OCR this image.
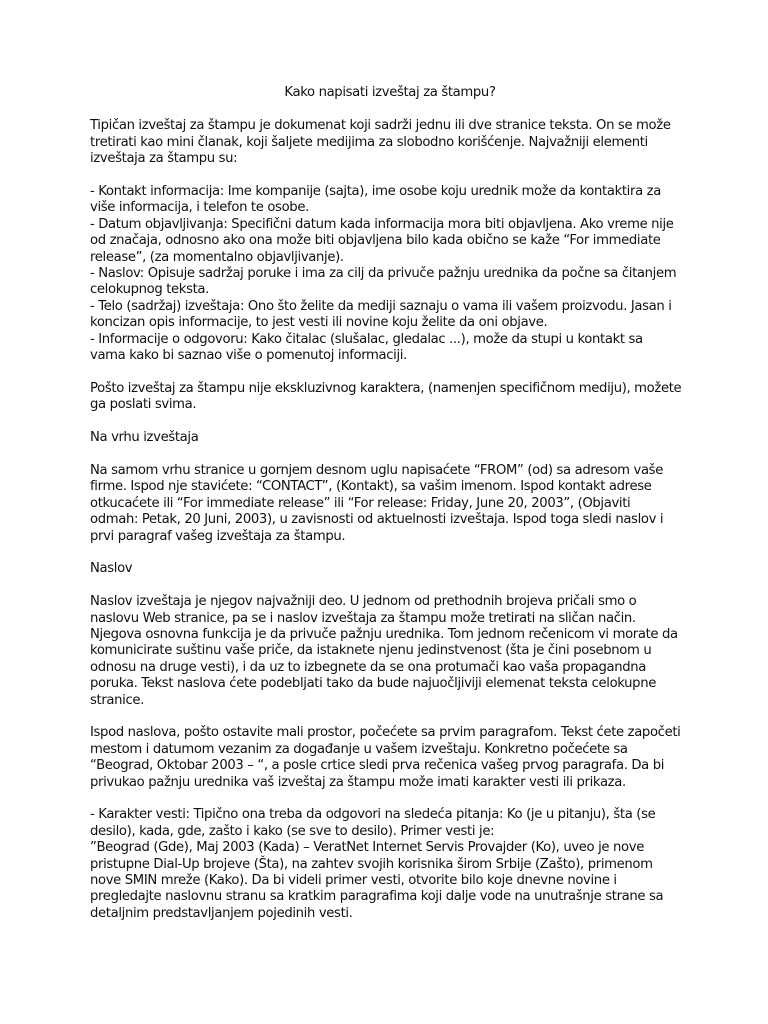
Kako napisati izveštaj za štampu?

Tipičan izveštaj za štampu je dokumenat koji sadrži jednu ili dve stranice teksta. On se može tretirati kao mini članak, koji šaljete medijima za slobodno korišćenje. Najvažniji elementi izveštaja za štampu su:

- Kontakt informacija: Ime kompanije (sajta), ime osobe koju urednik može da kontaktira za više informacija, i telefon te osobe.

- Datum objavljivanja: Specifični datum kada informacija mora biti objavljena. Ako vreme nije od značaja, odnosno ako ona može biti objavljena bilo kada obično se kaže “For immediate release”, (za momentalno objavljivanje).

- Naslov: Opisuje sadržaj poruke i ima za cilj da privuče pažnju urednika da počne sa čitanjem celokupnog teksta.

- Telo (sadržaj) izveštaja: Ono što želite da mediji saznaju o vama ili vašem proizvodu. Jasan i koncizan opis informacije, to jest vesti ili novine koju želite da oni objave.

- Informacije o odgovoru: Kako čitalac (slušalac, gledalac ...), može da stupi u kontakt sa vama kako bi saznao više o pomenutoj informaciji.

Pošto izveštaj za štampu nije ekskluzivnog karaktera, (namenjen specifičnom mediju), možete ga poslati svima.

Na vrhu izveštaja

Na samom vrhu stranice u gornjem desnom uglu napisaćete “FROM” (od) sa adresom vaše firme. Ispod nje stavićete: “CONTACT”, (Kontakt), sa vašim imenom. Ispod kontakt adrese otkucaćete ili “For immediate release” ili “For release: Friday, June 20, 2003”, (Objaviti odmah: Petak, 20 Juni, 2003), u zavisnosti od aktuelnosti izveštaja. Ispod toga sledi naslov i prvi paragraf vašeg izveštaja za štampu.

Naslov

Naslov izveštaja je njegov najvažniji deo. U jednom od prethodnih brojeva pričali smo o naslovu Web stranice, pa se i naslov izveštaja za štampu može tretirati na sličan način. Njegova osnovna funkcija je da privuče pažnju urednika. Tom jednom rečenicom vi morate da komunicirate suštinu vaše priče, da istaknete njenu jedinstvenost (šta je čini posebnom u odnosu na druge vesti), i da uz to izbegnete da se ona protumači kao vaša propagandna poruka. Tekst naslova ćete podebljati tako da bude najuočljiviji elemenat teksta celokupne stranice.

Ispod naslova, pošto ostavite mali prostor, počećete sa prvim paragrafom. Tekst ćete započeti mestom i datumom vezanim za događanje u vašem izveštaju. Konkretno počećete sa “Beograd, Oktobar 2003 – “, a posle crtice sledi prva rečenica vašeg prvog paragrafa. Da bi privukao pažnju urednika vaš izveštaj za štampu može imati karakter vesti ili prikaza.

- Karakter vesti: Tipično ona treba da odgovori na sledeća pitanja: Ko (je u pitanju), šta (se desilo), kada, gde, zašto i kako (se sve to desilo). Primer vesti je:

”Beograd (Gde), Maj 2003 (Kada) – VeratNet Internet Servis Provajder (Ko), uveo je nove pristupne Dial-Up brojeve (Šta), na zahtev svojih korisnika širom Srbije (Zašto), primenom nove SMIN mreže (Kako). Da bi videli primer vesti, otvorite bilo koje dnevne novine i pregledajte naslovnu stranu sa kratkim paragrafima koji dalje vode na unutrašnje strane sa detaljnim predstavljanjem pojedinih vesti.
